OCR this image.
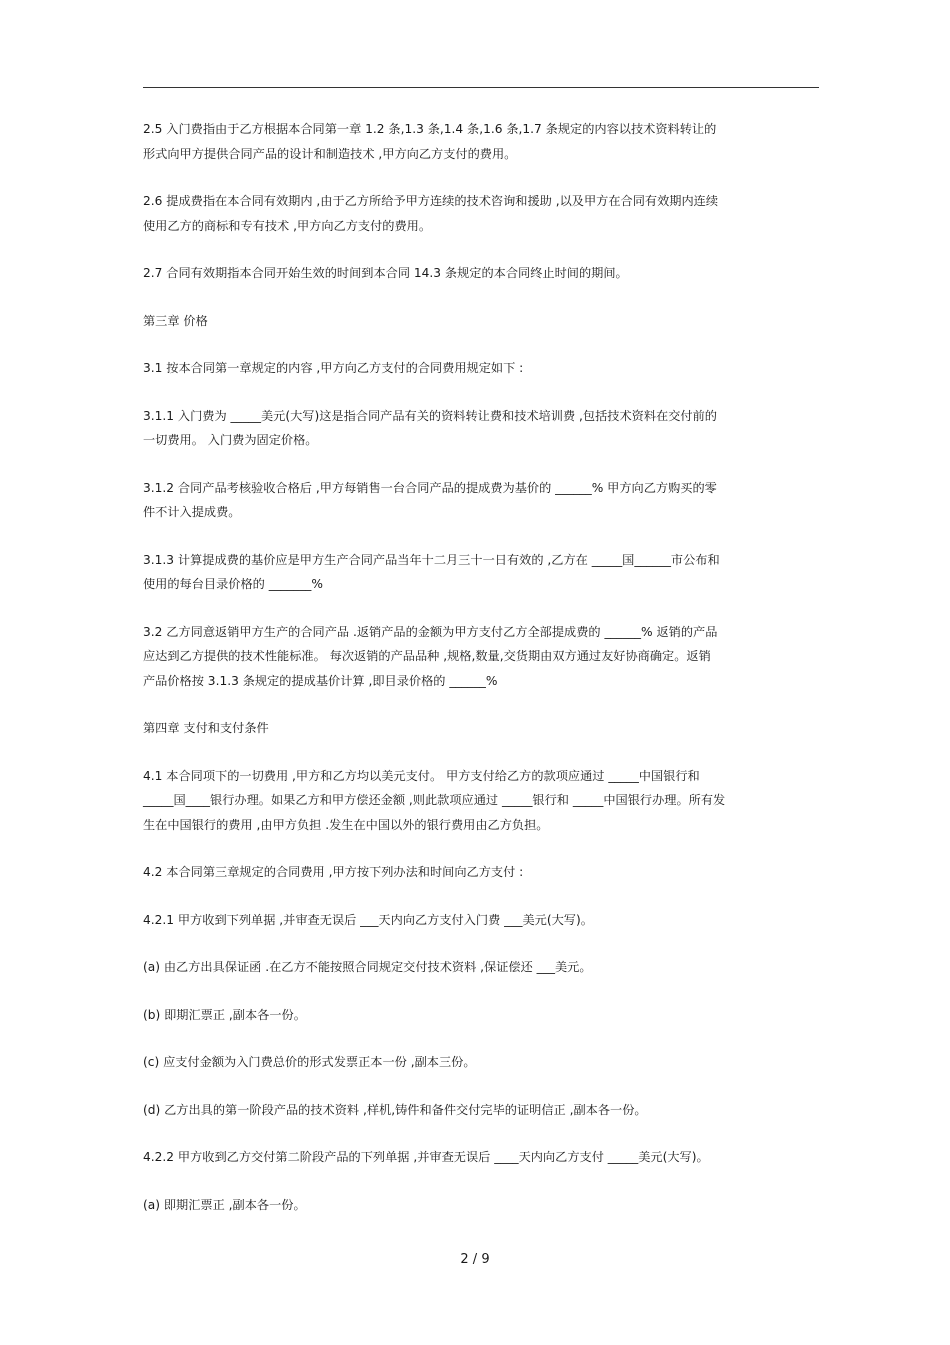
2.5 入门费指由于乙方根据本合同第一章 1.2 条,1.3 条,1.4 条,1.6 条,1.7 条规定的内容以技术资料转让的
形式向甲方提供合同产品的设计和制造技术 ,甲方向乙方支付的费用。
2.6 提成费指在本合同有效期内 ,由于乙方所给予甲方连续的技术咨询和援助 ,以及甲方在合同有效期内连续
使用乙方的商标和专有技术 ,甲方向乙方支付的费用。
2.7 合同有效期指本合同开始生效的时间到本合同 14.3 条规定的本合同终止时间的期间。
第三章 价格
3.1 按本合同第一章规定的内容 ,甲方向乙方支付的合同费用规定如下 :
3.1.1 入门费为 _____美元(大写)这是指合同产品有关的资料转让费和技术培训费 ,包括技术资料在交付前的
一切费用。 入门费为固定价格。
3.1.2 合同产品考核验收合格后 ,甲方每销售一台合同产品的提成费为基价的 ______% 甲方向乙方购买的零
件不计入提成费。
3.1.3 计算提成费的基价应是甲方生产合同产品当年十二月三十一日有效的 ,乙方在 _____国______市公布和
使用的每台目录价格的 _______%
3.2 乙方同意返销甲方生产的合同产品 .返销产品的金额为甲方支付乙方全部提成费的 ______% 返销的产品
应达到乙方提供的技术性能标准。 每次返销的产品品种 ,规格,数量,交货期由双方通过友好协商确定。返销
产品价格按 3.1.3 条规定的提成基价计算 ,即目录价格的 ______%
第四章 支付和支付条件
4.1 本合同项下的一切费用 ,甲方和乙方均以美元支付。 甲方支付给乙方的款项应通过 _____中国银行和
_____国____银行办理。如果乙方和甲方偿还金额 ,则此款项应通过 _____银行和 _____中国银行办理。所有发
生在中国银行的费用 ,由甲方负担 .发生在中国以外的银行费用由乙方负担。
4.2 本合同第三章规定的合同费用 ,甲方按下列办法和时间向乙方支付 :
4.2.1 甲方收到下列单据 ,并审查无误后 ___天内向乙方支付入门费 ___美元(大写)。
(a) 由乙方出具保证函 .在乙方不能按照合同规定交付技术资料 ,保证偿还 ___美元。
(b) 即期汇票正 ,副本各一份。
(c) 应支付金额为入门费总价的形式发票正本一份 ,副本三份。
(d) 乙方出具的第一阶段产品的技术资料 ,样机,铸件和备件交付完毕的证明信正 ,副本各一份。
4.2.2 甲方收到乙方交付第二阶段产品的下列单据 ,并审查无误后 ____天内向乙方支付 _____美元(大写)。
(a) 即期汇票正 ,副本各一份。
2 / 9
